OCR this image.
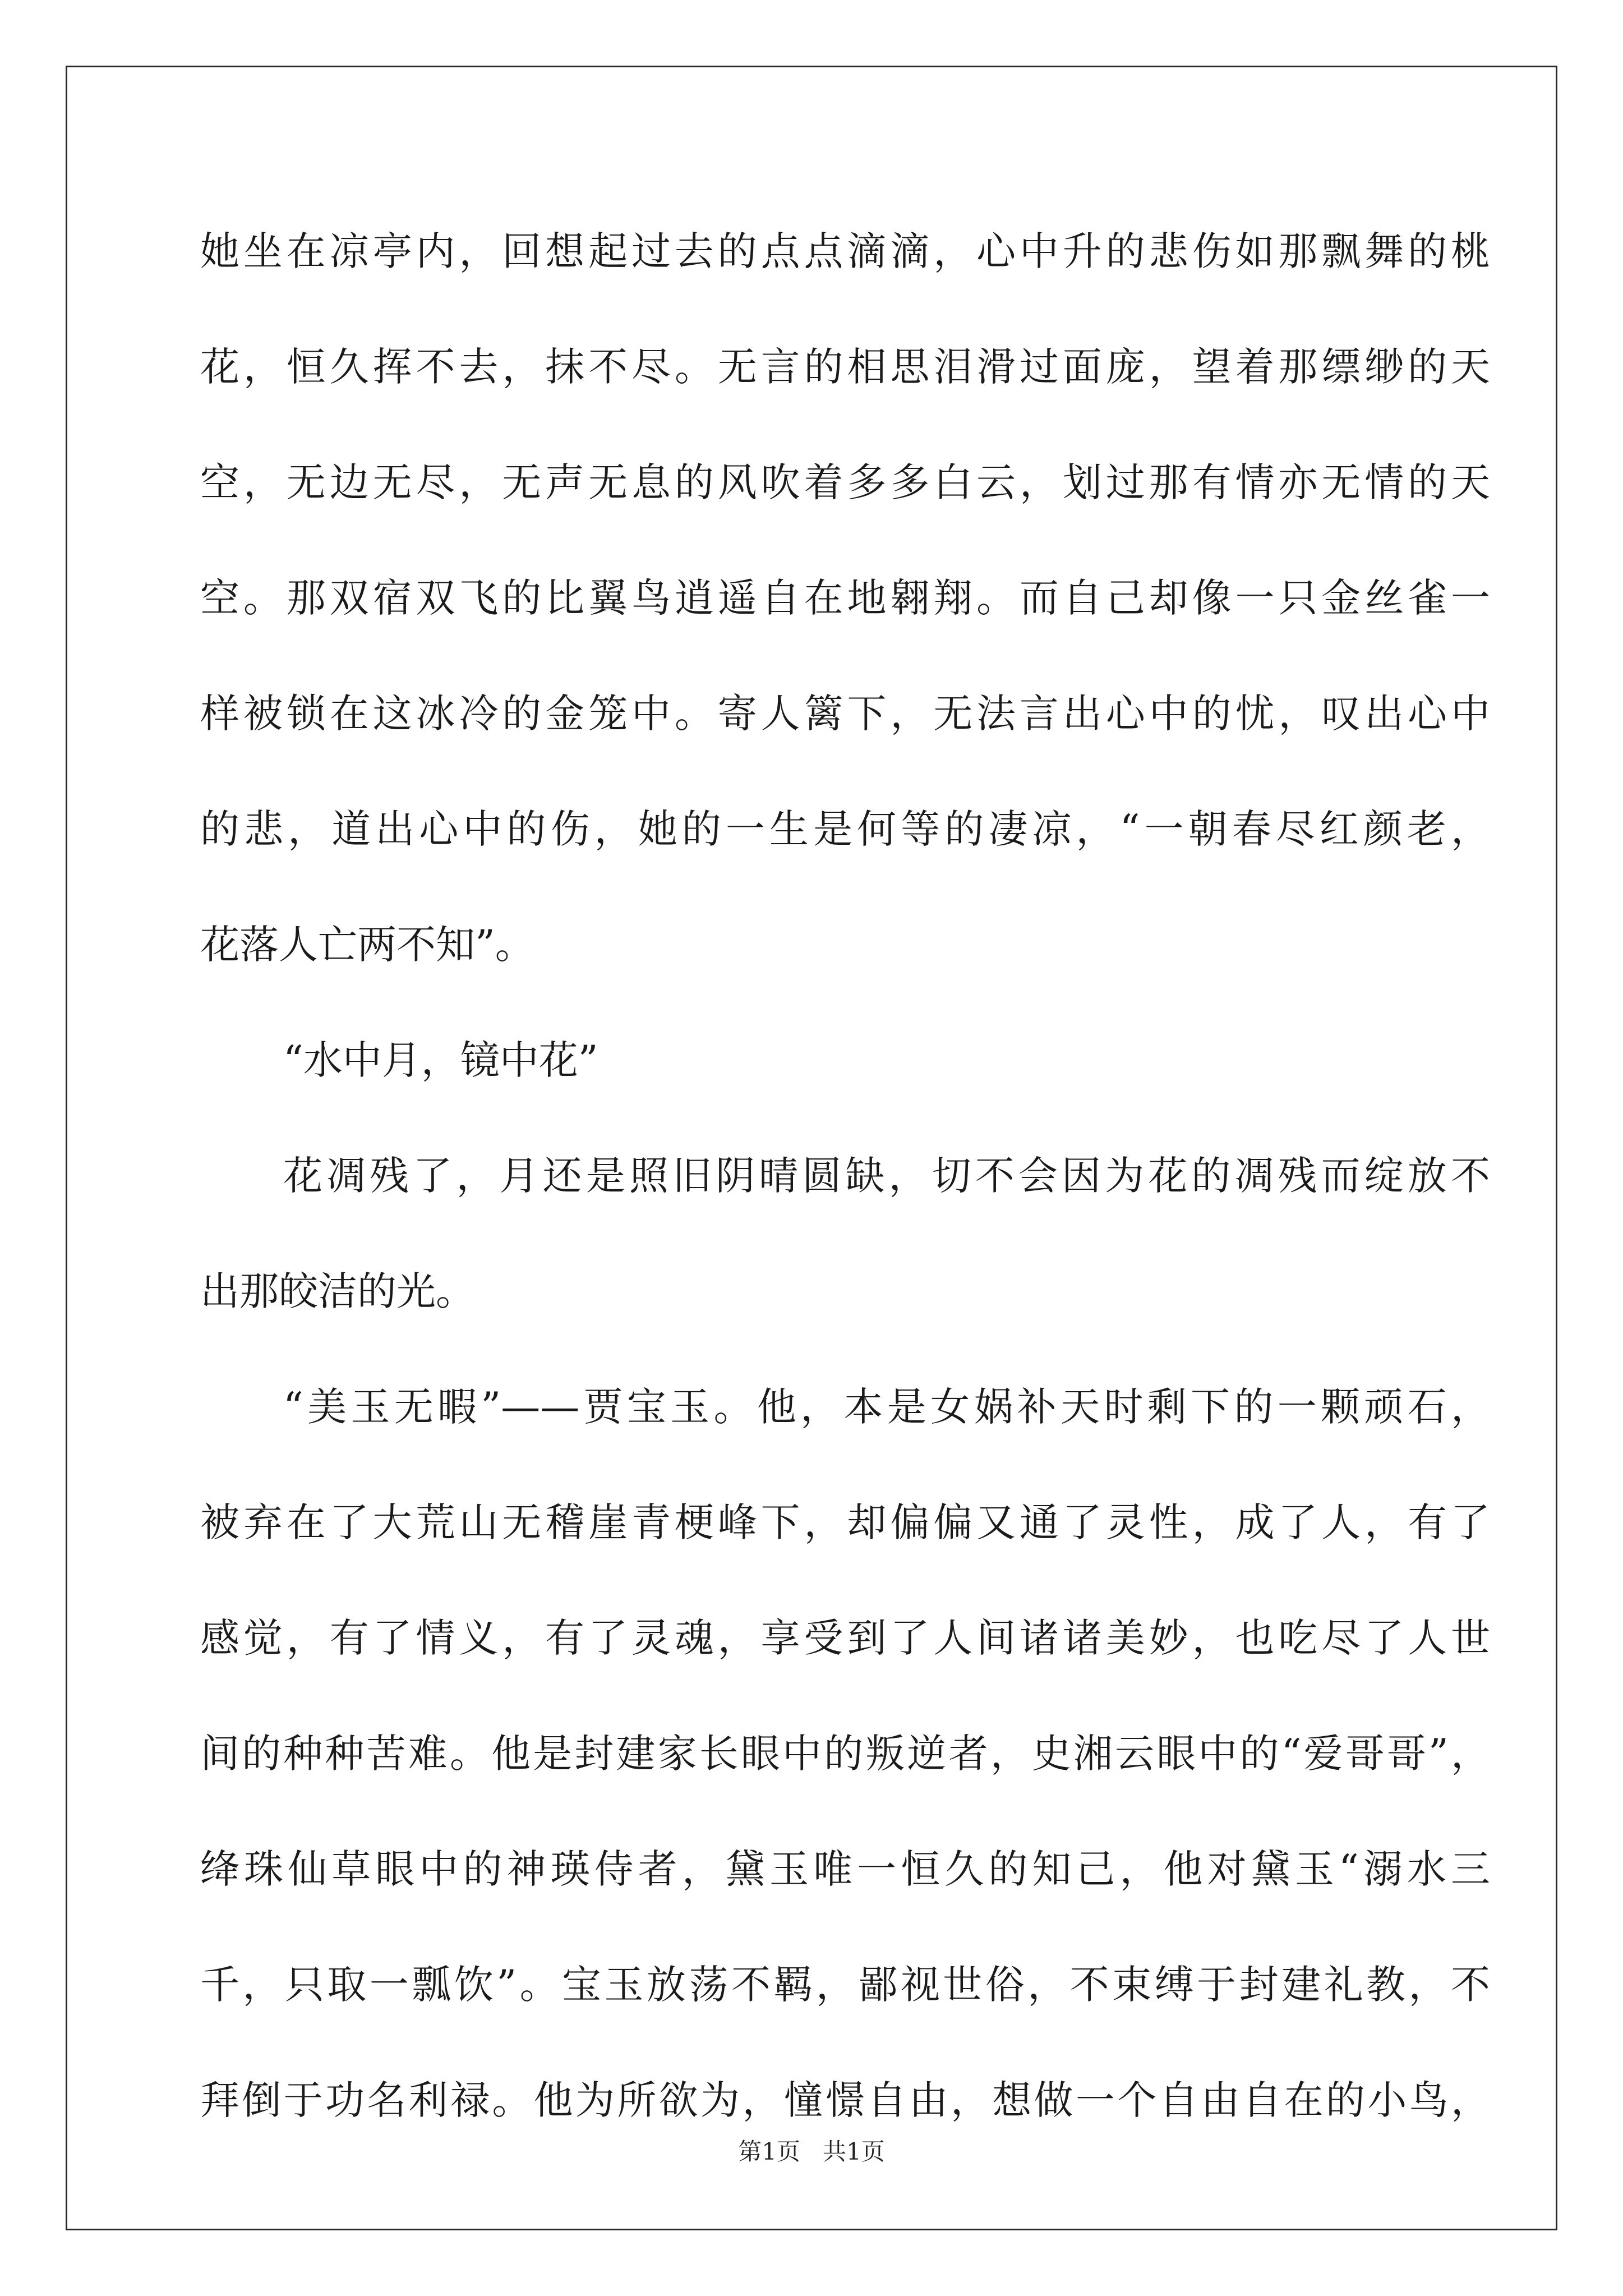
她坐在凉亭内，回想起过去的点点滴滴，心中升的悲伤如那飘舞的桃
花，恒久挥不去，抹不尽。无言的相思泪滑过面庞，望着那缥缈的天
空，无边无尽，无声无息的风吹着多多白云，划过那有情亦无情的天
空。那双宿双飞的比翼鸟逍遥自在地翱翔。而自己却像一只金丝雀一
样被锁在这冰冷的金笼中。寄人篱下，无法言出心中的忧，叹出心中
的悲，道出心中的伤，她的一生是何等的凄凉，“一朝春尽红颜老，
花落人亡两不知”。
“水中月，镜中花”
花凋残了，月还是照旧阴晴圆缺，切不会因为花的凋残而绽放不
出那皎洁的光。
“美玉无暇”——贾宝玉。他，本是女娲补天时剩下的一颗顽石，
被弃在了大荒山无稽崖青梗峰下，却偏偏又通了灵性，成了人，有了
感觉，有了情义，有了灵魂，享受到了人间诸诸美妙，也吃尽了人世
间的种种苦难。他是封建家长眼中的叛逆者，史湘云眼中的“爱哥哥”，
绛珠仙草眼中的神瑛侍者，黛玉唯一恒久的知己，他对黛玉“溺水三
千，只取一瓢饮”。宝玉放荡不羁，鄙视世俗，不束缚于封建礼教，不
拜倒于功名利禄。他为所欲为，憧憬自由，想做一个自由自在的小鸟，
第1页 共1页
